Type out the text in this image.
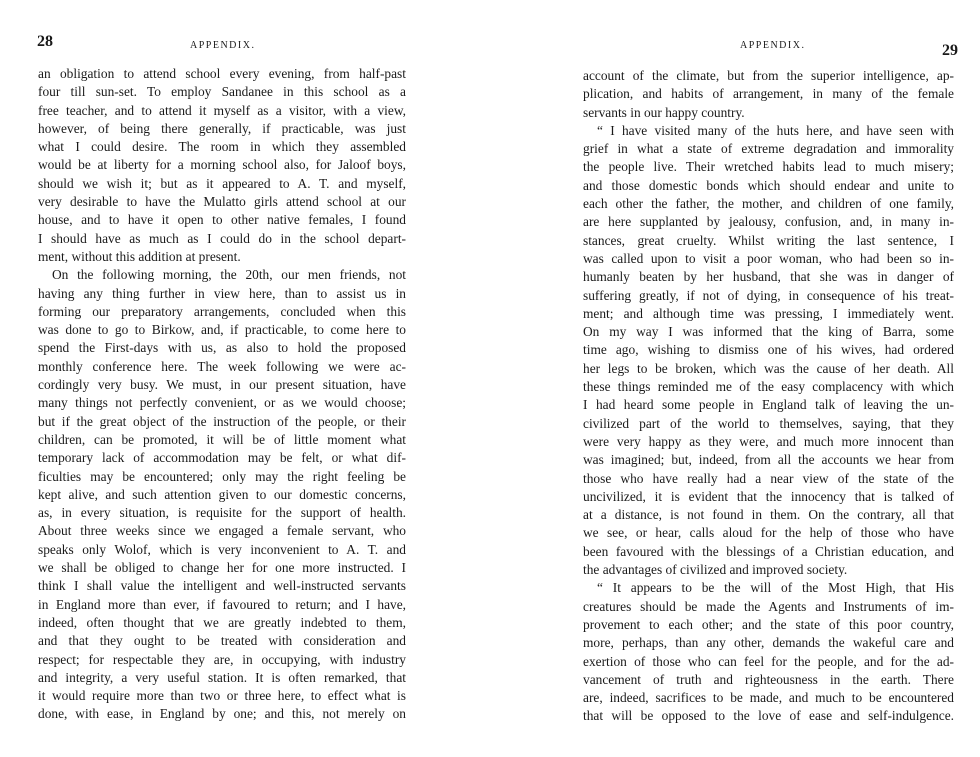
28	APPENDIX.
an obligation to attend school every evening, from half-past
four till sun-set. To employ Sandanee in this school as a
free teacher, and to attend it myself as a visitor, with a view,
however, of being there generally, if practicable, was just
what I could desire. The room in which they assembled
would be at liberty for a morning school also, for Jaloof boys,
should we wish it; but as it appeared to A. T. and myself,
very desirable to have the Mulatto girls attend school at our
house, and to have it open to other native females, I found
I should have as much as I could do in the school depart-
ment, without this addition at present.
On the following morning, the 20th, our men friends, not
having any thing further in view here, than to assist us in
forming our preparatory arrangements, concluded when this
was done to go to Birkow, and, if practicable, to come here to
spend the First-days with us, as also to hold the proposed
monthly conference here. The week following we were ac-
cordingly very busy. We must, in our present situation, have
many things not perfectly convenient, or as we would choose;
but if the great object of the instruction of the people, or their
children, can be promoted, it will be of little moment what
temporary lack of accommodation may be felt, or what dif-
ficulties may be encountered; only may the right feeling be
kept alive, and such attention given to our domestic concerns,
as, in every situation, is requisite for the support of health.
About three weeks since we engaged a female servant, who
speaks only Wolof, which is very inconvenient to A. T. and
we shall be obliged to change her for one more instructed. I
think I shall value the intelligent and well-instructed servants
in England more than ever, if favoured to return; and I have,
indeed, often thought that we are greatly indebted to them,
and that they ought to be treated with consideration and
respect; for respectable they are, in occupying, with industry
and integrity, a very useful station. It is often remarked, that
it would require more than two or three here, to effect what is
done, with ease, in England by one; and this, not merely on
APPENDIX.	29
account of the climate, but from the superior intelligence, ap-
plication, and habits of arrangement, in many of the female
servants in our happy country.
“ I have visited many of the huts here, and have seen with
grief in what a state of extreme degradation and immorality
the people live. Their wretched habits lead to much misery;
and those domestic bonds which should endear and unite to
each other the father, the mother, and children of one family,
are here supplanted by jealousy, confusion, and, in many in-
stances, great cruelty. Whilst writing the last sentence, I
was called upon to visit a poor woman, who had been so in-
humanly beaten by her husband, that she was in danger of
suffering greatly, if not of dying, in consequence of his treat-
ment; and although time was pressing, I immediately went.
On my way I was informed that the king of Barra, some
time ago, wishing to dismiss one of his wives, had ordered
her legs to be broken, which was the cause of her death. All
these things reminded me of the easy complacency with which
I had heard some people in England talk of leaving the un-
civilized part of the world to themselves, saying, that they
were very happy as they were, and much more innocent than
was imagined; but, indeed, from all the accounts we hear from
those who have really had a near view of the state of the
uncivilized, it is evident that the innocency that is talked of
at a distance, is not found in them. On the contrary, all that
we see, or hear, calls aloud for the help of those who have
been favoured with the blessings of a Christian education, and
the advantages of civilized and improved society.
“ It appears to be the will of the Most High, that His
creatures should be made the Agents and Instruments of im-
provement to each other; and the state of this poor country,
more, perhaps, than any other, demands the wakeful care and
exertion of those who can feel for the people, and for the ad-
vancement of truth and righteousness in the earth. There
are, indeed, sacrifices to be made, and much to be encountered
that will be opposed to the love of ease and self-indulgence.
